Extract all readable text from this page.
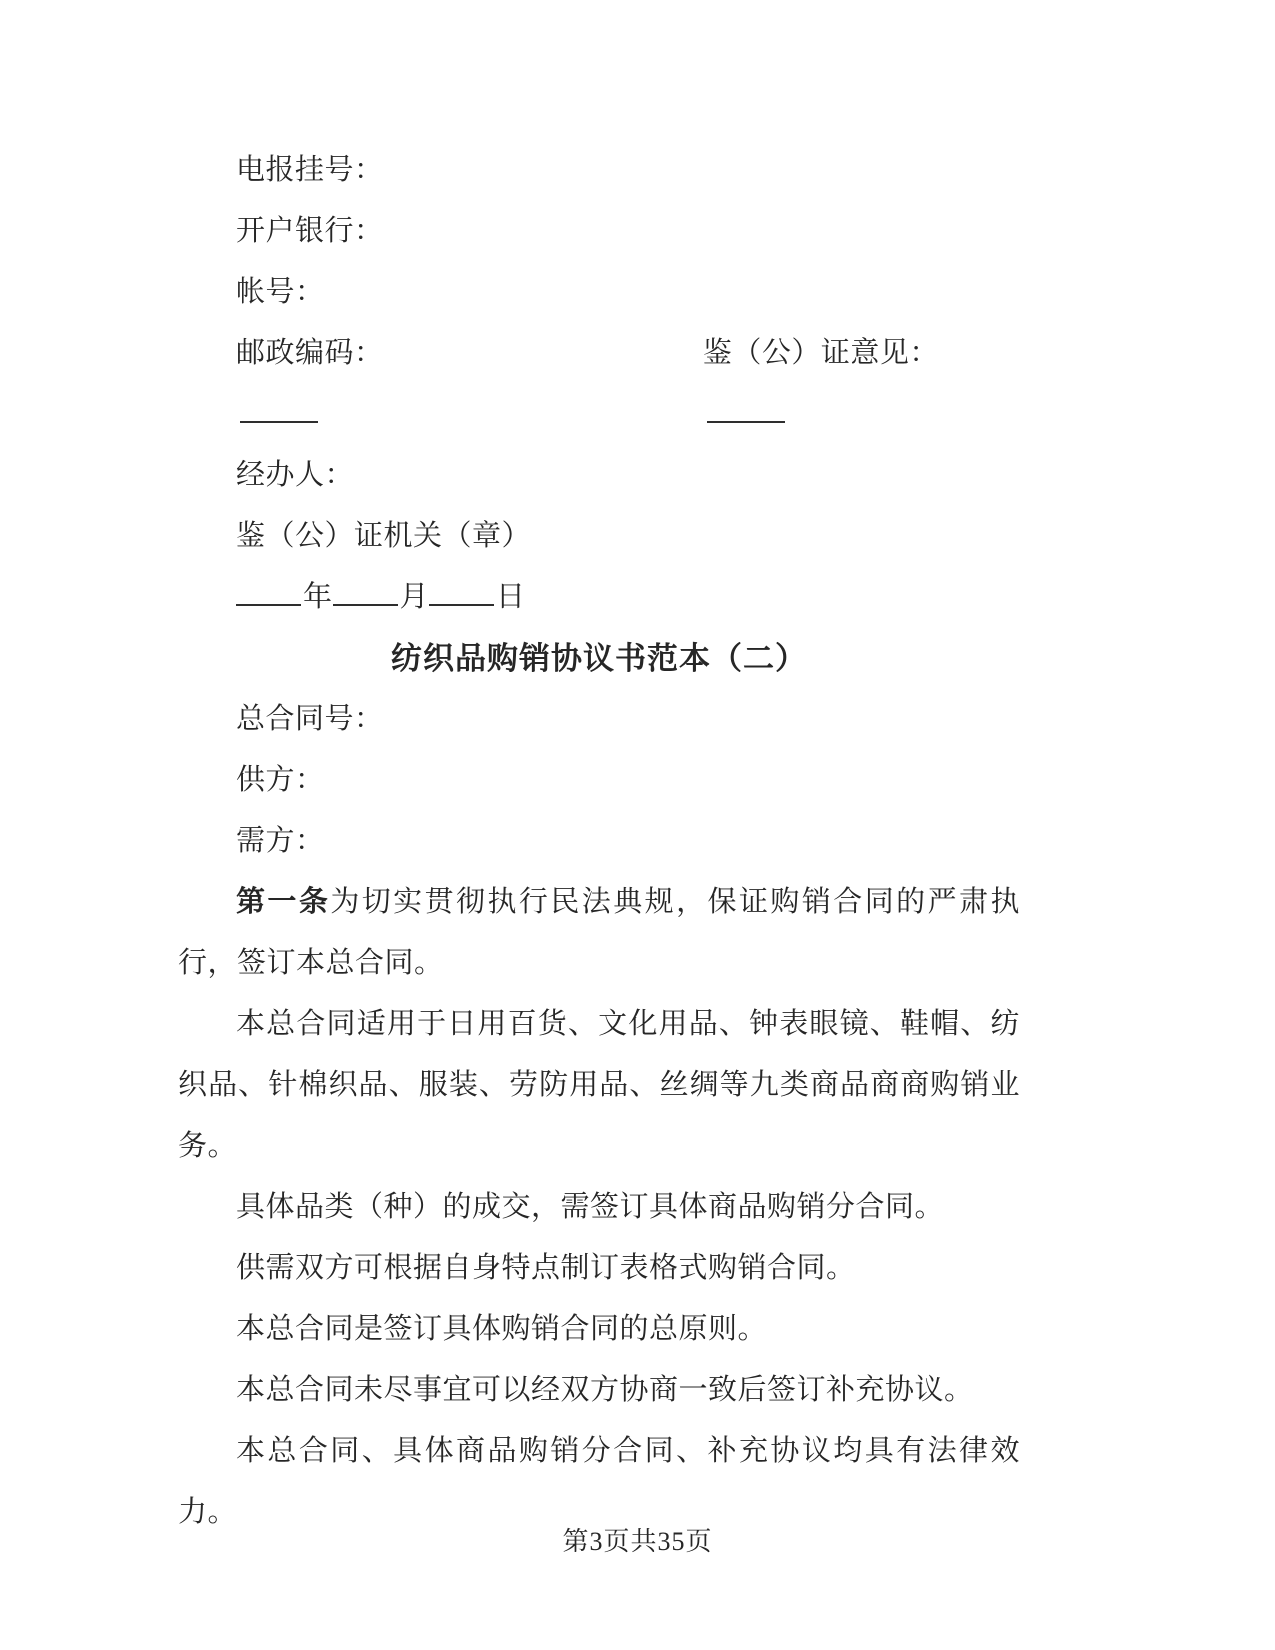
电报挂号：

开户银行：

帐号：

邮政编码：	鉴（公）证意见：

经办人：

鉴（公）证机关（章）

年 月 日

纺织品购销协议书范本（二）

总合同号：

供方：

需方：

第一条为切实贯彻执行民法典规，保证购销合同的严肃执行，签订本总合同。

本总合同适用于日用百货、文化用品、钟表眼镜、鞋帽、纺织品、针棉织品、服装、劳防用品、丝绸等九类商品商商购销业务。

具体品类（种）的成交，需签订具体商品购销分合同。

供需双方可根据自身特点制订表格式购销合同。

本总合同是签订具体购销合同的总原则。

本总合同未尽事宜可以经双方协商一致后签订补充协议。

本总合同、具体商品购销分合同、补充协议均具有法律效力。

第3页共35页
